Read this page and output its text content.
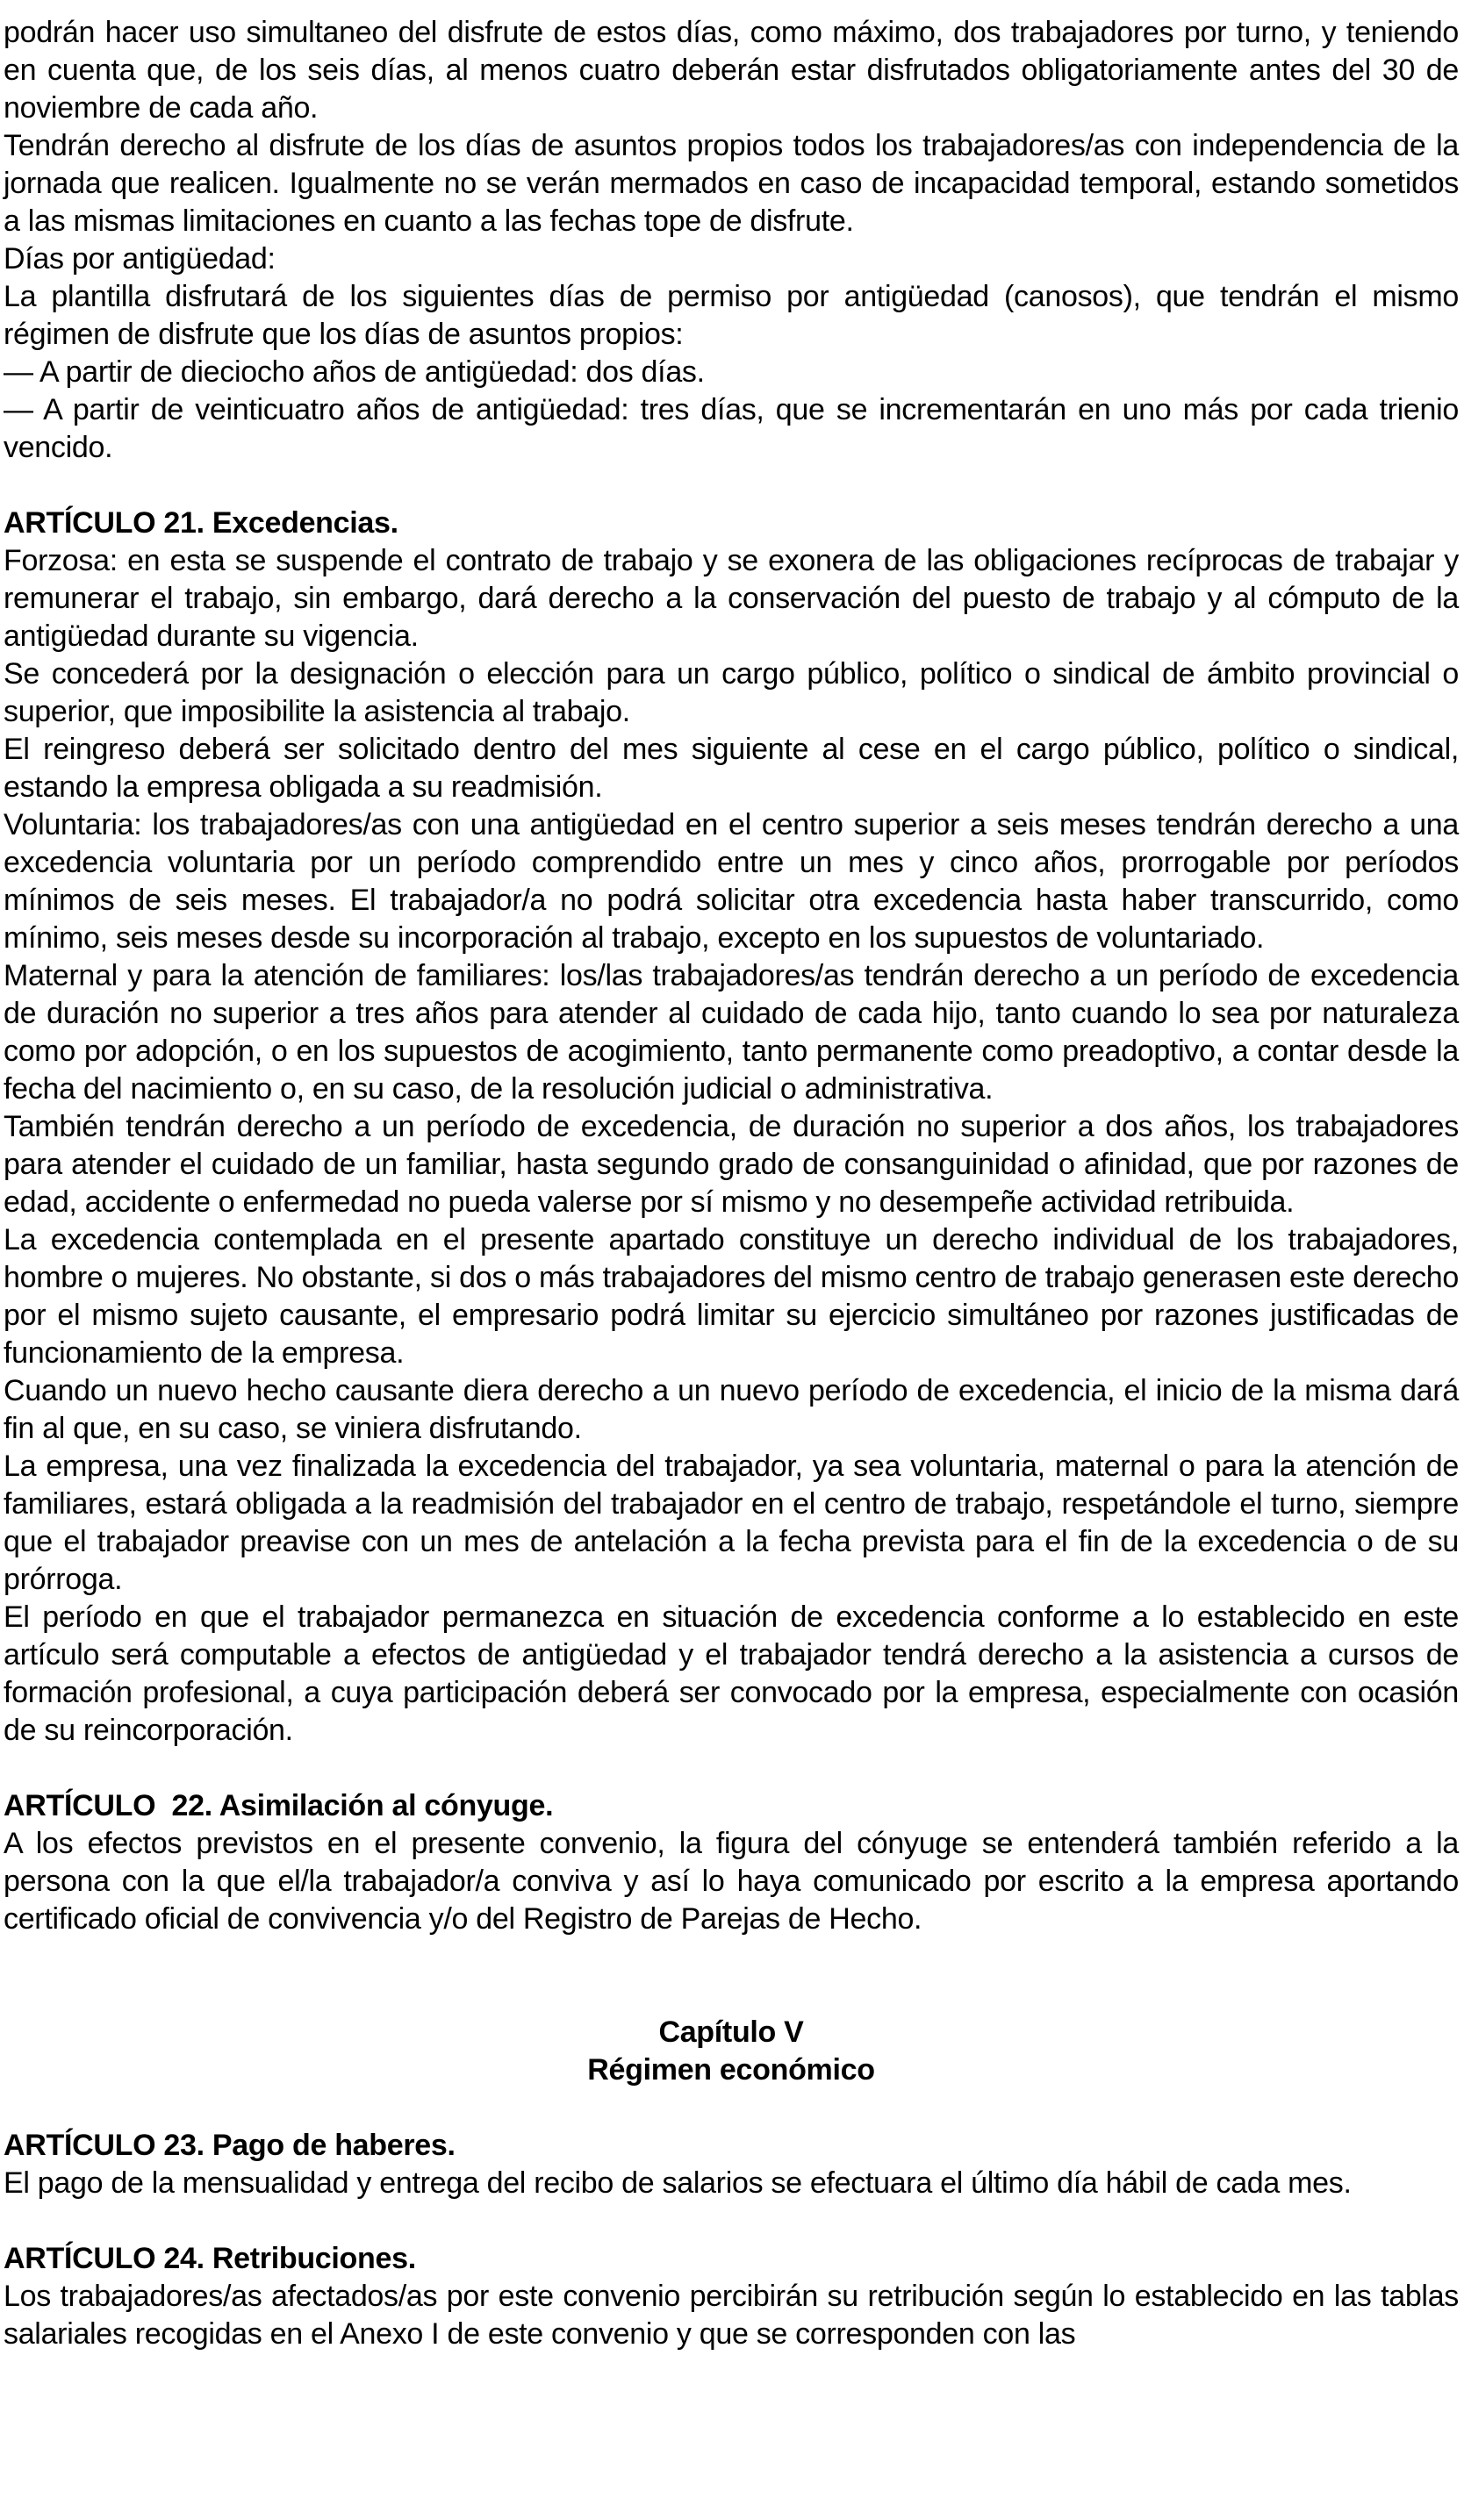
podrán hacer uso simultaneo del disfrute de estos días, como máximo, dos trabajadores por turno, y teniendo en cuenta que, de los seis días, al menos cuatro deberán estar disfrutados obligatoriamente antes del 30 de noviembre de cada año.

Tendrán derecho al disfrute de los días de asuntos propios todos los trabajadores/as con independencia de la jornada que realicen. Igualmente no se verán mermados en caso de incapacidad temporal, estando sometidos a las mismas limitaciones en cuanto a las fechas tope de disfrute.

Días por antigüedad:

La plantilla disfrutará de los siguientes días de permiso por antigüedad (canosos), que tendrán el mismo régimen de disfrute que los días de asuntos propios:

— A partir de dieciocho años de antigüedad: dos días.

— A partir de veinticuatro años de antigüedad: tres días, que se incrementarán en uno más por cada trienio vencido.

ARTÍCULO 21. Excedencias.

Forzosa: en esta se suspende el contrato de trabajo y se exonera de las obligaciones recíprocas de trabajar y remunerar el trabajo, sin embargo, dará derecho a la conservación del puesto de trabajo y al cómputo de la antigüedad durante su vigencia.

Se concederá por la designación o elección para un cargo público, político o sindical de ámbito provincial o superior, que imposibilite la asistencia al trabajo.

El reingreso deberá ser solicitado dentro del mes siguiente al cese en el cargo público, político o sindical, estando la empresa obligada a su readmisión.

Voluntaria: los trabajadores/as con una antigüedad en el centro superior a seis meses tendrán derecho a una excedencia voluntaria por un período comprendido entre un mes y cinco años, prorrogable por períodos mínimos de seis meses. El trabajador/a no podrá solicitar otra excedencia hasta haber transcurrido, como mínimo, seis meses desde su incorporación al trabajo, excepto en los supuestos de voluntariado.

Maternal y para la atención de familiares: los/las trabajadores/as tendrán derecho a un período de excedencia de duración no superior a tres años para atender al cuidado de cada hijo, tanto cuando lo sea por naturaleza como por adopción, o en los supuestos de acogimiento, tanto permanente como preadoptivo, a contar desde la fecha del nacimiento o, en su caso, de la resolución judicial o administrativa.

También tendrán derecho a un período de excedencia, de duración no superior a dos años, los trabajadores para atender el cuidado de un familiar, hasta segundo grado de consanguinidad o afinidad, que por razones de edad, accidente o enfermedad no pueda valerse por sí mismo y no desempeñe actividad retribuida.

La excedencia contemplada en el presente apartado constituye un derecho individual de los trabajadores, hombre o mujeres. No obstante, si dos o más trabajadores del mismo centro de trabajo generasen este derecho por el mismo sujeto causante, el empresario podrá limitar su ejercicio simultáneo por razones justificadas de funcionamiento de la empresa.

Cuando un nuevo hecho causante diera derecho a un nuevo período de excedencia, el inicio de la misma dará fin al que, en su caso, se viniera disfrutando.

La empresa, una vez finalizada la excedencia del trabajador, ya sea voluntaria, maternal o para la atención de familiares, estará obligada a la readmisión del trabajador en el centro de trabajo, respetándole el turno, siempre que el trabajador preavise con un mes de antelación a la fecha prevista para el fin de la excedencia o de su prórroga.

El período en que el trabajador permanezca en situación de excedencia conforme a lo establecido en este artículo será computable a efectos de antigüedad y el trabajador tendrá derecho a la asistencia a cursos de formación profesional, a cuya participación deberá ser convocado por la empresa, especialmente con ocasión de su reincorporación.

ARTÍCULO  22. Asimilación al cónyuge.

A los efectos previstos en el presente convenio, la figura del cónyuge se entenderá también referido a la persona con la que el/la trabajador/a conviva y así lo haya comunicado por escrito a la empresa aportando certificado oficial de convivencia y/o del Registro de Parejas de Hecho.

Capítulo V

Régimen económico

ARTÍCULO 23. Pago de haberes.

El pago de la mensualidad y entrega del recibo de salarios se efectuara el último día hábil de cada mes.

ARTÍCULO 24. Retribuciones.

Los trabajadores/as afectados/as por este convenio percibirán su retribución según lo establecido en las tablas salariales recogidas en el Anexo I de este convenio y que se corresponden con las
